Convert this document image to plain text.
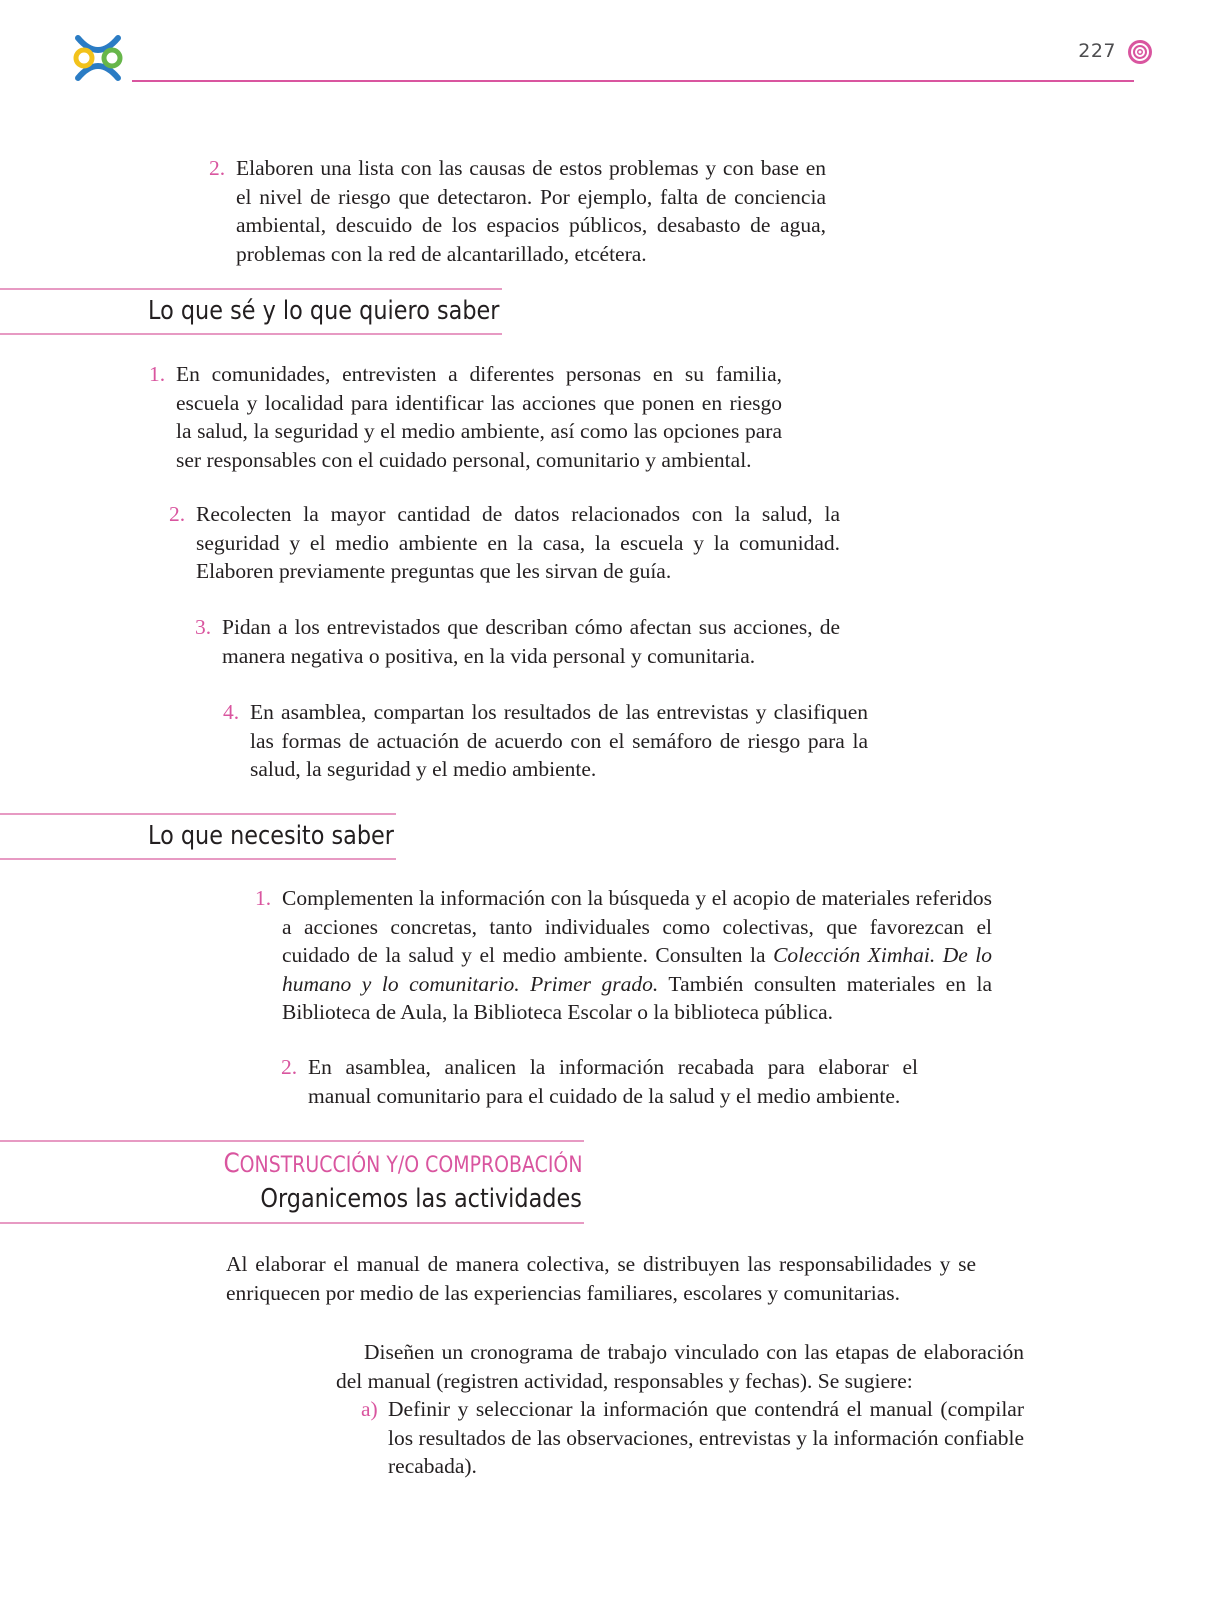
227
2. Elaboren una lista con las causas de estos problemas y con base en el nivel de riesgo que detectaron. Por ejemplo, falta de conciencia ambiental, descuido de los espacios públicos, desabasto de agua, problemas con la red de alcantarillado, etcétera.
Lo que sé y lo que quiero saber
1. En comunidades, entrevisten a diferentes personas en su familia, escuela y localidad para identificar las acciones que ponen en riesgo la salud, la seguridad y el medio ambiente, así como las opciones para ser responsables con el cuidado personal, comunitario y ambiental.
2. Recolecten la mayor cantidad de datos relacionados con la salud, la seguridad y el medio ambiente en la casa, la escuela y la comunidad. Elaboren previamente preguntas que les sirvan de guía.
3. Pidan a los entrevistados que describan cómo afectan sus acciones, de manera negativa o positiva, en la vida personal y comunitaria.
4. En asamblea, compartan los resultados de las entrevistas y clasifiquen las formas de actuación de acuerdo con el semáforo de riesgo para la salud, la seguridad y el medio ambiente.
Lo que necesito saber
1. Complementen la información con la búsqueda y el acopio de materiales referidos a acciones concretas, tanto individuales como colectivas, que favorezcan el cuidado de la salud y el medio ambiente. Consulten la Colección Ximhai. De lo humano y lo comunitario. Primer grado. También consulten materiales en la Biblioteca de Aula, la Biblioteca Escolar o la biblioteca pública.
2. En asamblea, analicen la información recabada para elaborar el manual comunitario para el cuidado de la salud y el medio ambiente.
CONSTRUCCIÓN Y/O COMPROBACIÓN
Organicemos las actividades
Al elaborar el manual de manera colectiva, se distribuyen las responsabilidades y se enriquecen por medio de las experiencias familiares, escolares y comunitarias.
Diseñen un cronograma de trabajo vinculado con las etapas de elaboración del manual (registren actividad, responsables y fechas). Se sugiere:
a) Definir y seleccionar la información que contendrá el manual (compilar los resultados de las observaciones, entrevistas y la información confiable recabada).
